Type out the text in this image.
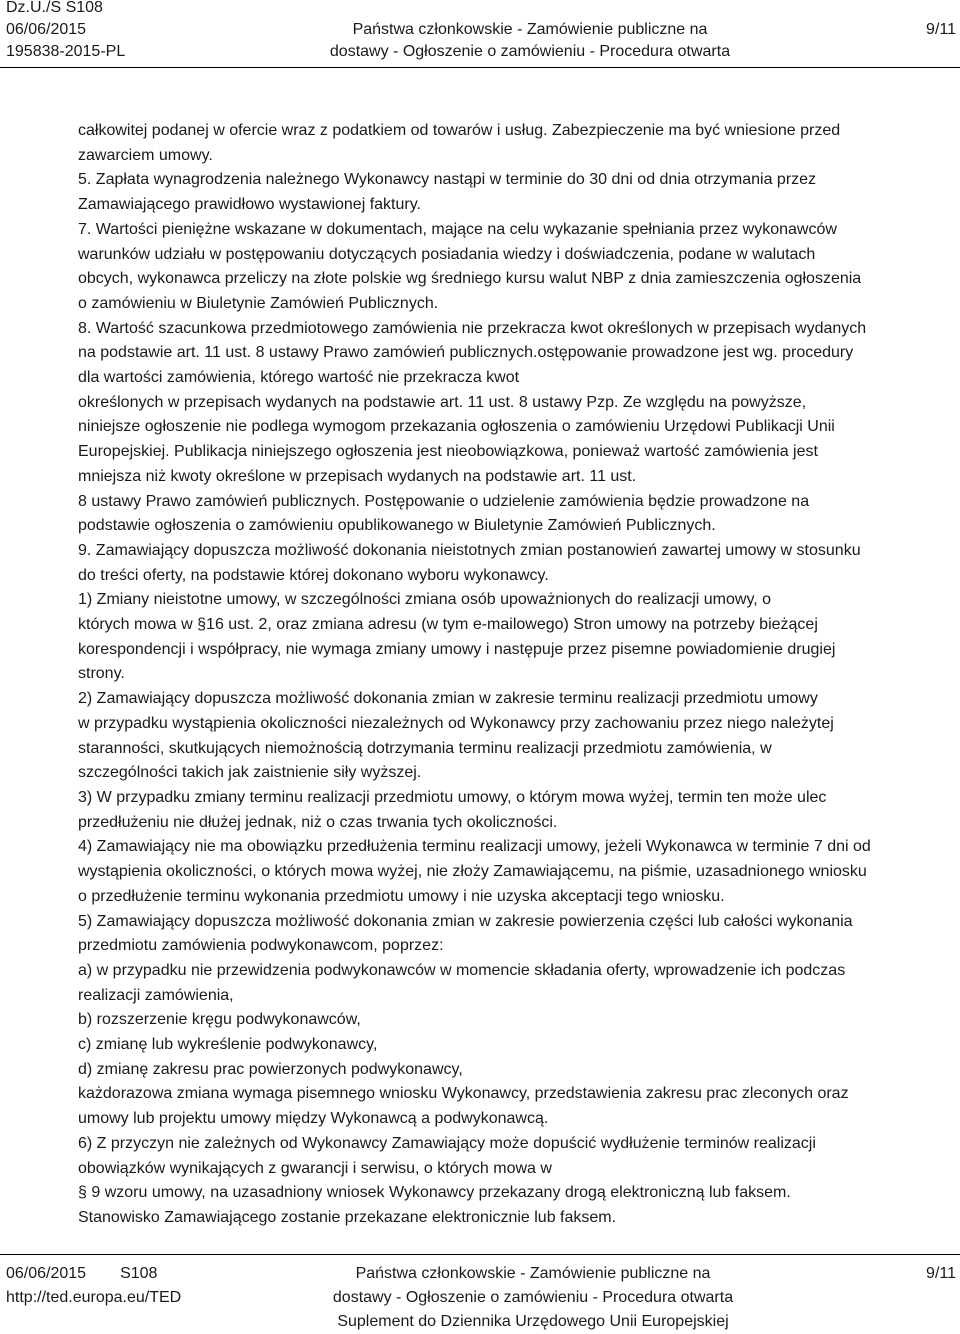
Dz.U./S S108
06/06/2015
195838-2015-PL
Państwa członkowskie - Zamówienie publiczne na
dostawy - Ogłoszenie o zamówieniu - Procedura otwarta
9/11

całkowitej podanej w ofercie wraz z podatkiem od towarów i usług. Zabezpieczenie ma być wniesione przed

zawarciem umowy.

5. Zapłata wynagrodzenia należnego Wykonawcy nastąpi w terminie do 30 dni od dnia otrzymania przez

Zamawiającego prawidłowo wystawionej faktury.

7. Wartości pieniężne wskazane w dokumentach, mające na celu wykazanie spełniania przez wykonawców

warunków udziału w postępowaniu dotyczących posiadania wiedzy i doświadczenia, podane w walutach

obcych, wykonawca przeliczy na złote polskie wg średniego kursu walut NBP z dnia zamieszczenia ogłoszenia

o zamówieniu w Biuletynie Zamówień Publicznych.

8. Wartość szacunkowa przedmiotowego zamówienia nie przekracza kwot określonych w przepisach wydanych

na podstawie art. 11 ust. 8 ustawy Prawo zamówień publicznych.ostępowanie prowadzone jest wg. procedury

dla wartości zamówienia, którego wartość nie przekracza kwot

określonych w przepisach wydanych na podstawie art. 11 ust. 8 ustawy Pzp. Ze względu na powyższe,

niniejsze ogłoszenie nie podlega wymogom przekazania ogłoszenia o zamówieniu Urzędowi Publikacji Unii

Europejskiej. Publikacja niniejszego ogłoszenia jest nieobowiązkowa, ponieważ wartość zamówienia jest

mniejsza niż kwoty określone w przepisach wydanych na podstawie art. 11 ust.

8 ustawy Prawo zamówień publicznych. Postępowanie o udzielenie zamówienia będzie prowadzone na

podstawie ogłoszenia o zamówieniu opublikowanego w Biuletynie Zamówień Publicznych.

9. Zamawiający dopuszcza możliwość dokonania nieistotnych zmian postanowień zawartej umowy w stosunku

do treści oferty, na podstawie której dokonano wyboru wykonawcy.

1) Zmiany nieistotne umowy, w szczególności zmiana osób upoważnionych do realizacji umowy, o

których mowa w §16 ust. 2, oraz zmiana adresu (w tym e-mailowego) Stron umowy na potrzeby bieżącej

korespondencji i współpracy, nie wymaga zmiany umowy i następuje przez pisemne powiadomienie drugiej

strony.

2) Zamawiający dopuszcza możliwość dokonania zmian w zakresie terminu realizacji przedmiotu umowy

w przypadku wystąpienia okoliczności niezależnych od Wykonawcy przy zachowaniu przez niego należytej

staranności, skutkujących niemożnością dotrzymania terminu realizacji przedmiotu zamówienia, w

szczególności takich jak zaistnienie siły wyższej.

3) W przypadku zmiany terminu realizacji przedmiotu umowy, o którym mowa wyżej, termin ten może ulec

przedłużeniu nie dłużej jednak, niż o czas trwania tych okoliczności.

4) Zamawiający nie ma obowiązku przedłużenia terminu realizacji umowy, jeżeli Wykonawca w terminie 7 dni od

wystąpienia okoliczności, o których mowa wyżej, nie złoży Zamawiającemu, na piśmie, uzasadnionego wniosku

o przedłużenie terminu wykonania przedmiotu umowy i nie uzyska akceptacji tego wniosku.

5) Zamawiający dopuszcza możliwość dokonania zmian w zakresie powierzenia części lub całości wykonania

przedmiotu zamówienia podwykonawcom, poprzez:

a) w przypadku nie przewidzenia podwykonawców w momencie składania oferty, wprowadzenie ich podczas

realizacji zamówienia,

b) rozszerzenie kręgu podwykonawców,

c) zmianę lub wykreślenie podwykonawcy,

d) zmianę zakresu prac powierzonych podwykonawcy,

każdorazowa zmiana wymaga pisemnego wniosku Wykonawcy, przedstawienia zakresu prac zleconych oraz

umowy lub projektu umowy między Wykonawcą a podwykonawcą.

6) Z przyczyn nie zależnych od Wykonawcy Zamawiający może dopuścić wydłużenie terminów realizacji

obowiązków wynikających z gwarancji i serwisu, o których mowa w

§ 9 wzoru umowy, na uzasadniony wniosek Wykonawcy przekazany drogą elektroniczną lub faksem.

Stanowisko Zamawiającego zostanie przekazane elektronicznie lub faksem.

06/06/2015 S108
http://ted.europa.eu/TED
Państwa członkowskie - Zamówienie publiczne na
dostawy - Ogłoszenie o zamówieniu - Procedura otwarta
Suplement do Dziennika Urzędowego Unii Europejskiej
9/11
